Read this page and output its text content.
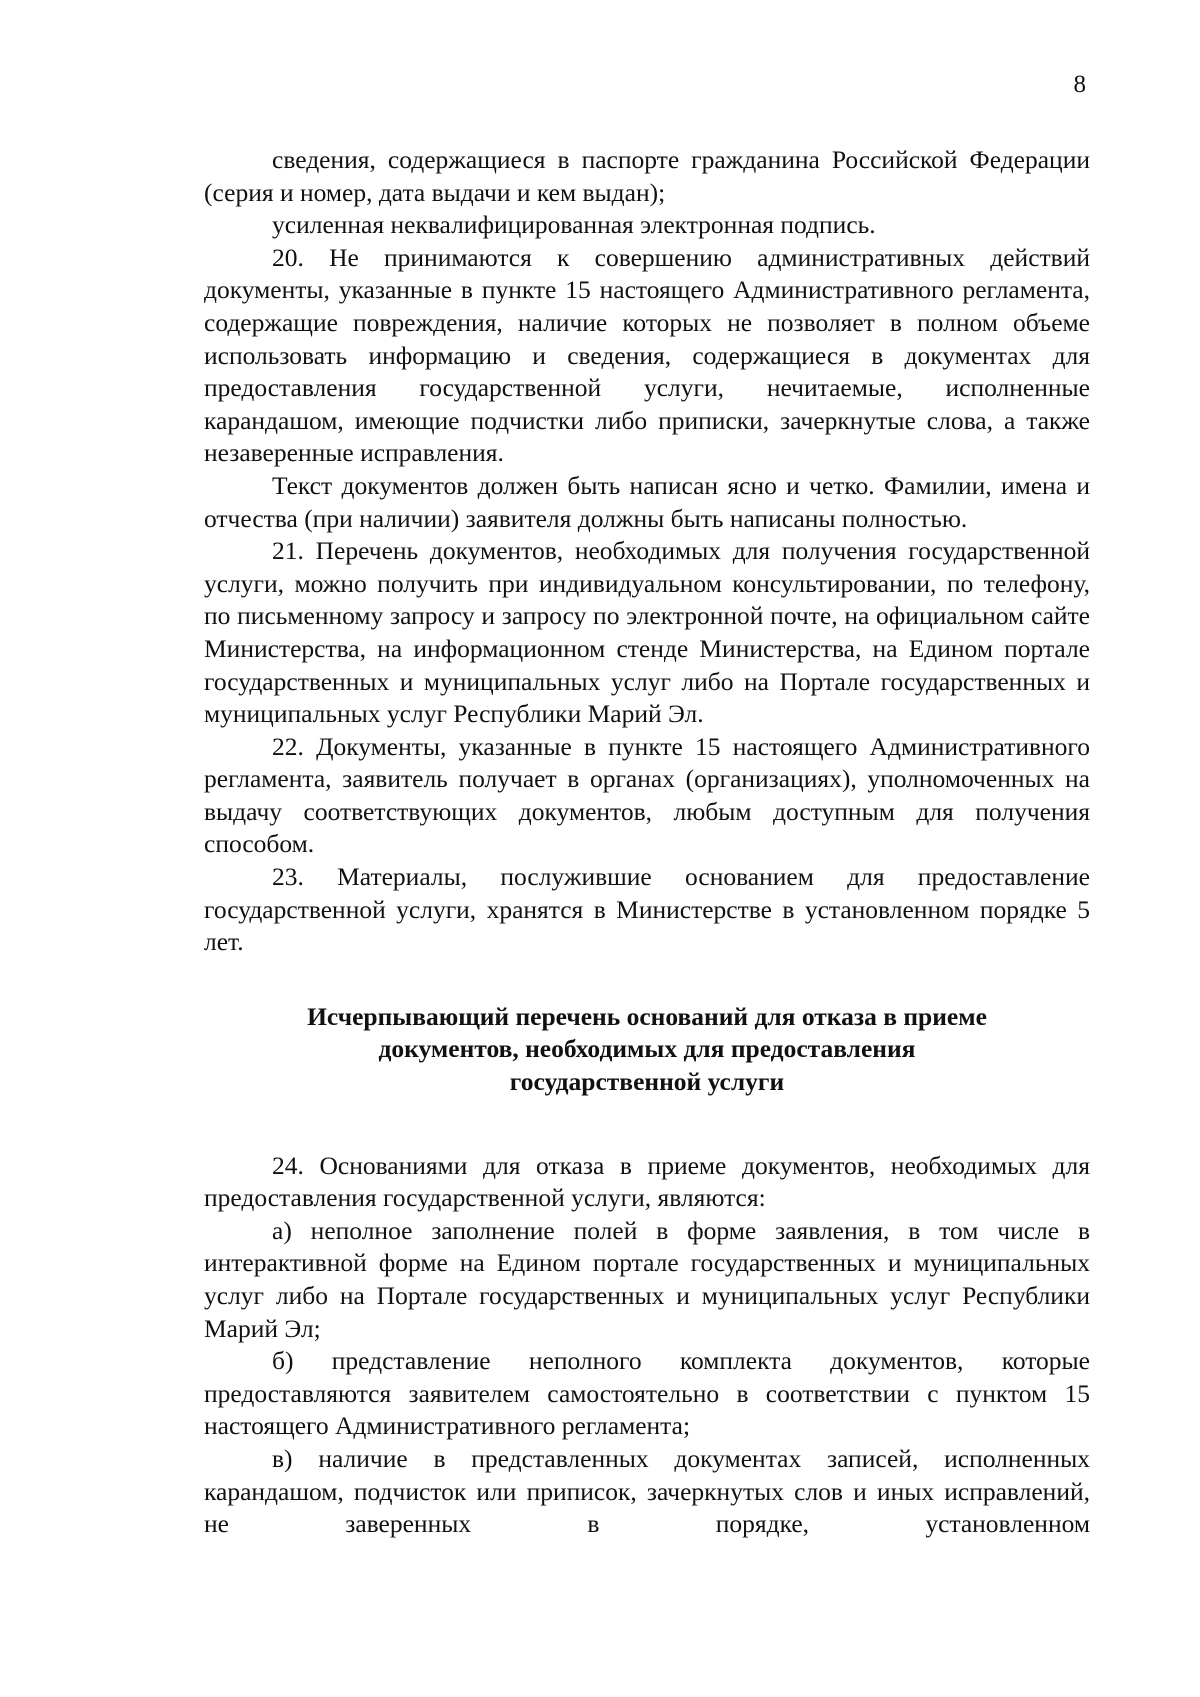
8

сведения, содержащиеся в паспорте гражданина Российской Федерации (серия и номер, дата выдачи и кем выдан);

усиленная неквалифицированная электронная подпись.

20. Не принимаются к совершению административных действий документы, указанные в пункте 15 настоящего Административного регламента, содержащие повреждения, наличие которых не позволяет в полном объеме использовать информацию и сведения, содержащиеся в документах для предоставления государственной услуги, нечитаемые, исполненные карандашом, имеющие подчистки либо приписки, зачеркнутые слова, а также незаверенные исправления.

Текст документов должен быть написан ясно и четко. Фамилии, имена и отчества (при наличии) заявителя должны быть написаны полностью.

21. Перечень документов, необходимых для получения государственной услуги, можно получить при индивидуальном консультировании, по телефону, по письменному запросу и запросу по электронной почте, на официальном сайте Министерства, на информационном стенде Министерства, на Едином портале государственных и муниципальных услуг либо на Портале государственных и муниципальных услуг Республики Марий Эл.

22. Документы, указанные в пункте 15 настоящего Административного регламента, заявитель получает в органах (организациях), уполномоченных на выдачу соответствующих документов, любым доступным для получения способом.

23. Материалы, послужившие основанием для предоставление государственной услуги, хранятся в Министерстве в установленном порядке 5 лет.

Исчерпывающий перечень оснований для отказа в приеме
документов, необходимых для предоставления
государственной услуги

24. Основаниями для отказа в приеме документов, необходимых для предоставления государственной услуги, являются:

а) неполное заполнение полей в форме заявления, в том числе в интерактивной форме на Едином портале государственных и муниципальных услуг либо на Портале государственных и муниципальных услуг Республики Марий Эл;

б) представление неполного комплекта документов, которые предоставляются заявителем самостоятельно в соответствии с пунктом 15 настоящего Административного регламента;

в) наличие в представленных документах записей, исполненных карандашом, подчисток или приписок, зачеркнутых слов и иных исправлений, не заверенных в порядке, установленном
